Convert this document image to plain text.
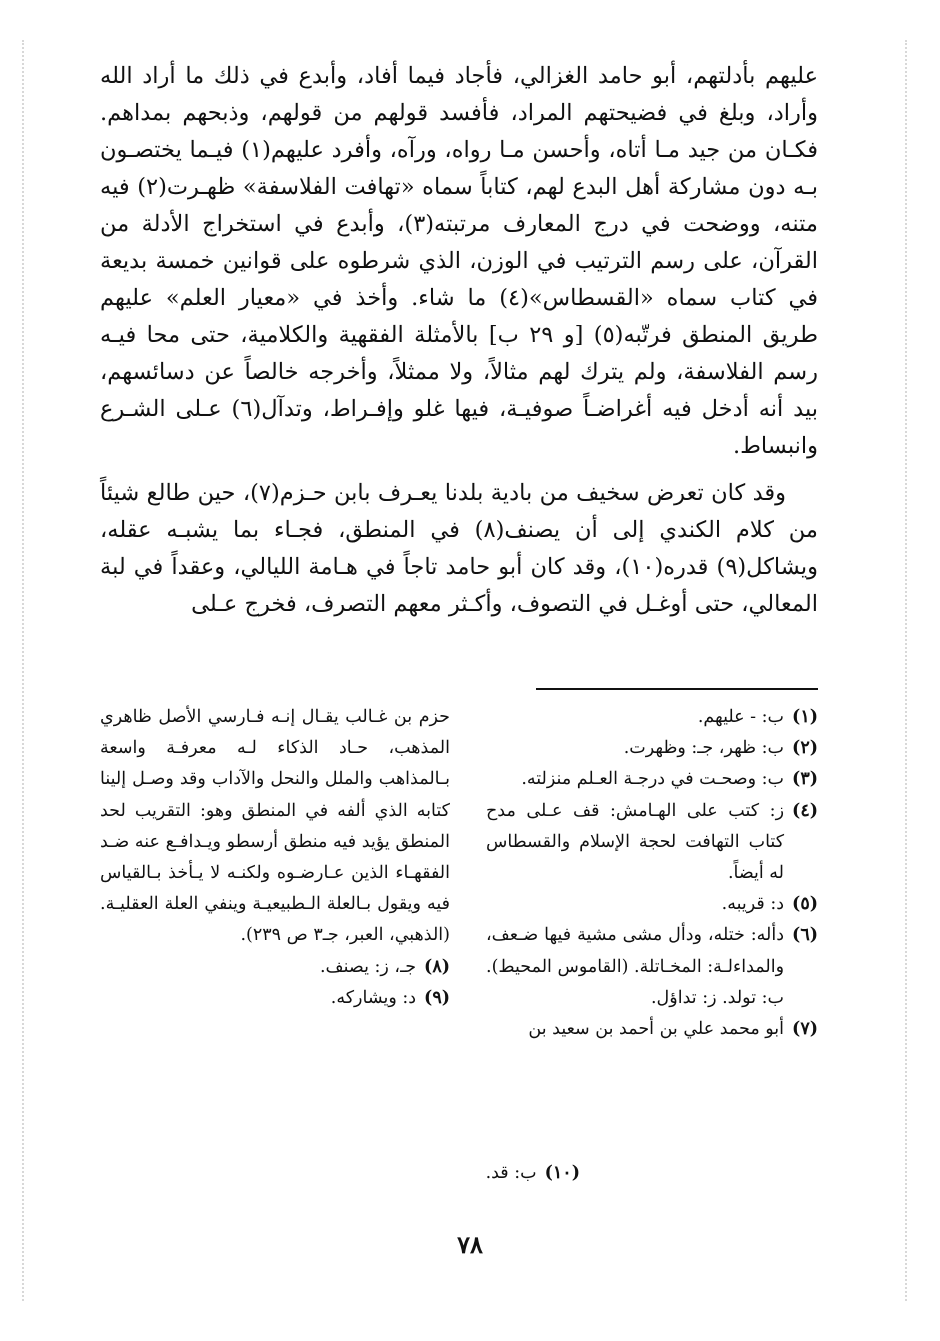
عليهم بأدلتهم، أبو حامد الغزالي، فأجاد فيما أفاد، وأبدع في ذلك ما أراد الله وأراد، وبلغ في فضيحتهم المراد، فأفسد قولهم من قولهم، وذبحهم بمداهم. فكـان من جيد مـا أتاه، وأحسن مـا رواه، ورآه، وأفرد عليهم(١) فيـما يختصـون بـه دون مشاركة أهل البدع لهم، كتاباً سماه «تهافت الفلاسفة» ظهـرت(٢) فيه متنه، ووضحت في درج المعارف مرتبته(٣)، وأبدع في استخراج الأدلة من القرآن، على رسم الترتيب في الوزن، الذي شرطوه على قوانين خمسة بديعة في كتاب سماه «القسطاس»(٤) ما شاء. وأخذ في «معيار العلم» عليهم طريق المنطق فرتّبه(٥) [و ٢٩ ب] بالأمثلة الفقهية والكلامية، حتى محا فيـه رسم الفلاسفة، ولم يترك لهم مثالاً، ولا ممثلاً، وأخرجه خالصاً عن دسائسهم، بيد أنه أدخل فيه أغراضـاً صوفيـة، فيها غلو وإفـراط، وتدآل(٦) عـلى الشـرع وانبساط.

وقد كان تعرض سخيف من بادية بلدنا يعـرف بابن حـزم(٧)، حين طالع شيئاً من كلام الكندي إلى أن يصنف(٨) في المنطق، فجـاء بما يشبـه عقله، ويشاكل(٩) قدره(١٠)، وقد كان أبو حامد تاجاً في هـامة الليالي، وعقداً في لبة المعالي، حتى أوغـل في التصوف، وأكـثر معهم التصرف، فخرج عـلى

(١)
ب: - عليهم.
(٢)
ب: ظهر، جـ: وظهرت.
(٣)
ب: وصحـت في درجـة العـلم منزلته.
(٤)
ز: كتب على الهـامش: قف عـلى مدح كتاب التهافت لحجة الإسلام والقسطاس له أيضاً.
(٥)
د: قريبه.
(٦)
دأله: ختله، ودأل مشى مشية فيها ضـعف، والمداءلـة: المخـاتلة. (القاموس المحيط). ب: تولد. ز: تداؤل.
(٧)
أبو محمد علي بن أحمد بن سعيد بن

حزم بن غـالب يقـال إنـه فـارسي الأصل ظاهري المذهب، حـاد الذكاء لـه معرفـة واسعة بـالمذاهب والملل والنحل والآداب وقد وصـل إلينا كتابه الذي ألفه في المنطق وهو: التقريب لحد المنطق يؤيد فيه منطق أرسطو ويـدافـع عنه ضـد الفقهـاء الذين عـارضـوه ولكنـه لا يـأخذ بـالقياس فيه ويقول بـالعلة الـطبيعيـة وينفي العلة العقليـة. (الذهبي، العبر، جـ٣ ص ٢٣٩).

(٨)
جـ، ز: يصنف.
(٩)
د: ويشاركه.
(١٠)
ب: قد.
٧٨
